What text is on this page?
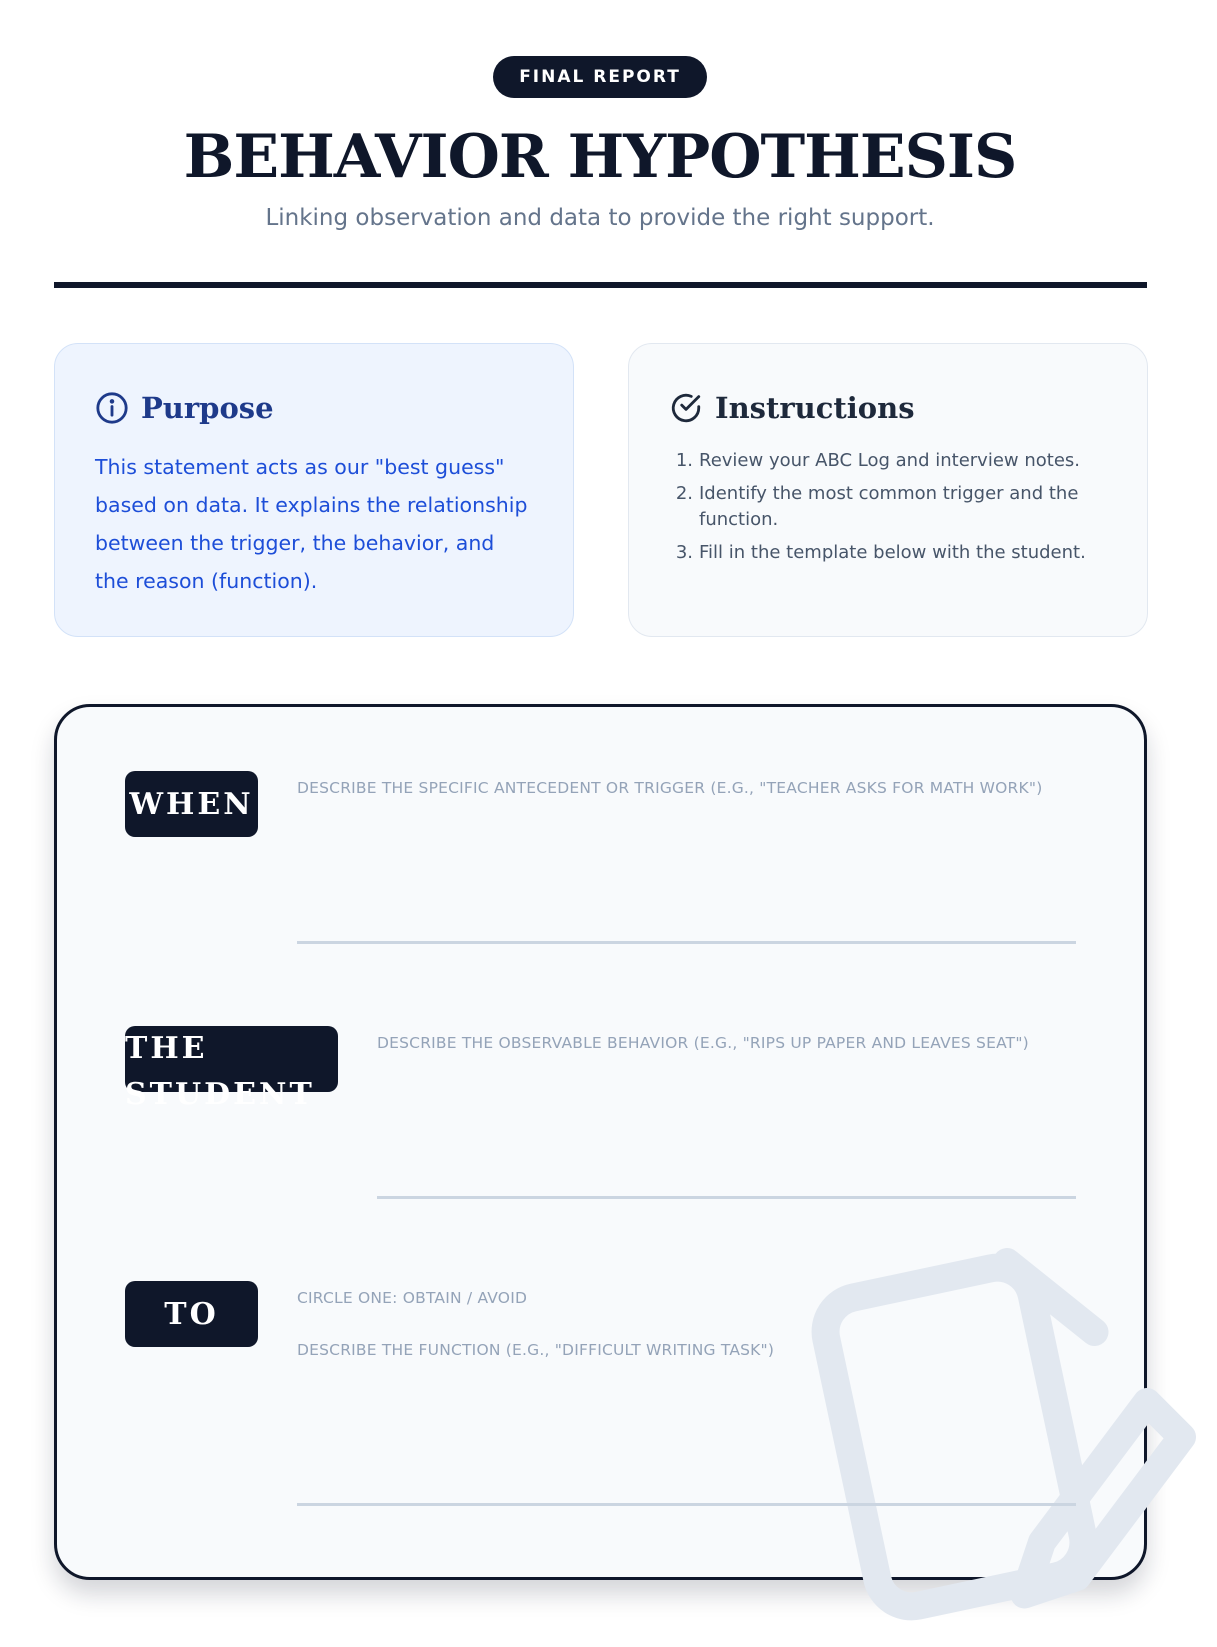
FINAL REPORT
BEHAVIOR HYPOTHESIS

Linking observation and data to provide the right support.

Purpose

This statement acts as our "best guess" based on data. It explains the relationship between the trigger, the behavior, and the reason (function).

Instructions
1. Review your ABC Log and interview notes.
2. Identify the most common trigger and the function.
3. Fill in the template below with the student.
WHEN	DESCRIBE THE SPECIFIC ANTECEDENT OR TRIGGER (E.G., "TEACHER ASKS FOR MATH WORK")
THE STUDENT
DESCRIBE THE OBSERVABLE BEHAVIOR (E.G., "RIPS UP PAPER AND LEAVES SEAT")
TO	CIRCLE ONE: OBTAIN / AVOID
DESCRIBE THE FUNCTION (E.G., "DIFFICULT WRITING TASK")
